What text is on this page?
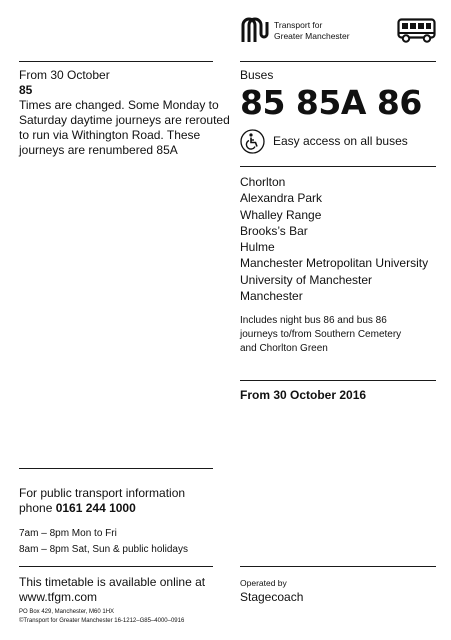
Transport for
Greater Manchester
From 30 October
85
Times are changed. Some Monday to
Saturday daytime journeys are rerouted
to run via Withington Road. These
journeys are renumbered 85A
Buses
85 85A 86
Easy access on all buses
Chorlton
Alexandra Park
Whalley Range
Brooks’s Bar
Hulme
Manchester Metropolitan University
University of Manchester
Manchester
Includes night bus 86 and bus 86
journeys to/from Southern Cemetery
and Chorlton Green
From 30 October 2016
For public transport information
phone 0161 244 1000
7am – 8pm Mon to Fri
8am – 8pm Sat, Sun & public holidays
This timetable is available online at
www.tfgm.com
PO Box 429, Manchester, M60 1HX
©Transport for Greater Manchester 16-1212–G85–4000–0916
Operated by
Stagecoach
